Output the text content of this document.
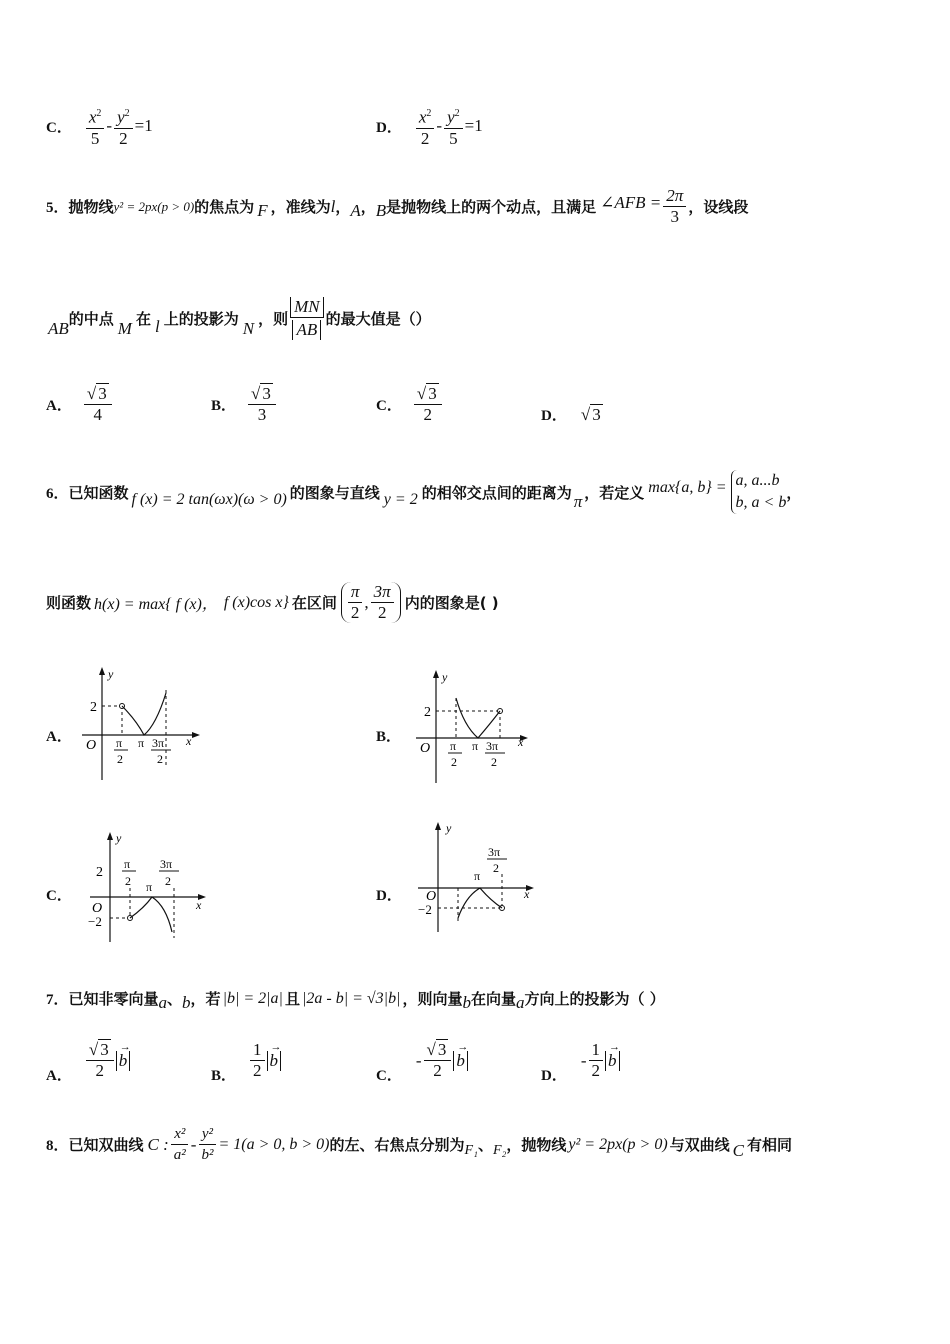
C． $\frac{x^2}{5} - \frac{y^2}{2} =1$	D． $\frac{x^2}{2} - \frac{y^2}{5} =1$
5． 抛物线 y² = 2px(p > 0) 的焦点为 F ，准线为 l ， A ， B 是抛物线上的两个动点，且满足 ∠AFB = $\frac{2\pi}{3}$ ，设线段
AB 的中点 M 在 l 上的投影为 N ，则 $\frac{MN}{AB}$ 的最大值是（）
A． $\frac{√ 3}{4}$	B． $\frac{√ 3}{3}$	C． $\frac{√ 3}{2}$	D． √ 3
6． 已知函数 f (x) = 2 tan(ωx)(ω > 0) 的图象与直线 y = 2 的相邻交点间的距离为 π ，若定义 max{a, b} = a, a...b
b, a < b
，
则函数 h(x) = max{ f (x)， f (x)cos x} 在区间 $\frac{\pi}{2}$ , $\frac{3\pi}{2}$ 内的图象是( )
A．
y
x
2
O π
2
π 3π
2
B．
y
x
2
O π
2
π 3π
2
C．
y
x
2
O
−2
π
2 π
3π
2
D．
y
x
O
−2
π
3π
2
7． 已知非零向量 a 、 b ，若 |b| = 2|a| 且 |2a - b| = √3|b| ，则向量 b 在向量 a 方向上的投影为（ ）
A． $\frac{√ 3}{2}$ →
b
B． $\frac{1}{2}$ →
b
C．
- $\frac{√ 3}{2}$ →
b
D．
- $\frac{1}{2}$ →
b
8． 已知双曲线 C : $\frac{\text{x²}}{\text{a²}} - \frac{\text{y²}}{\text{b²}} = 1(a > 0$, b > 0) 的左、右焦点分别为 F₁ 、 F₂ ，抛物线 y² = 2px(p > 0) 与双曲线 C 有相同
